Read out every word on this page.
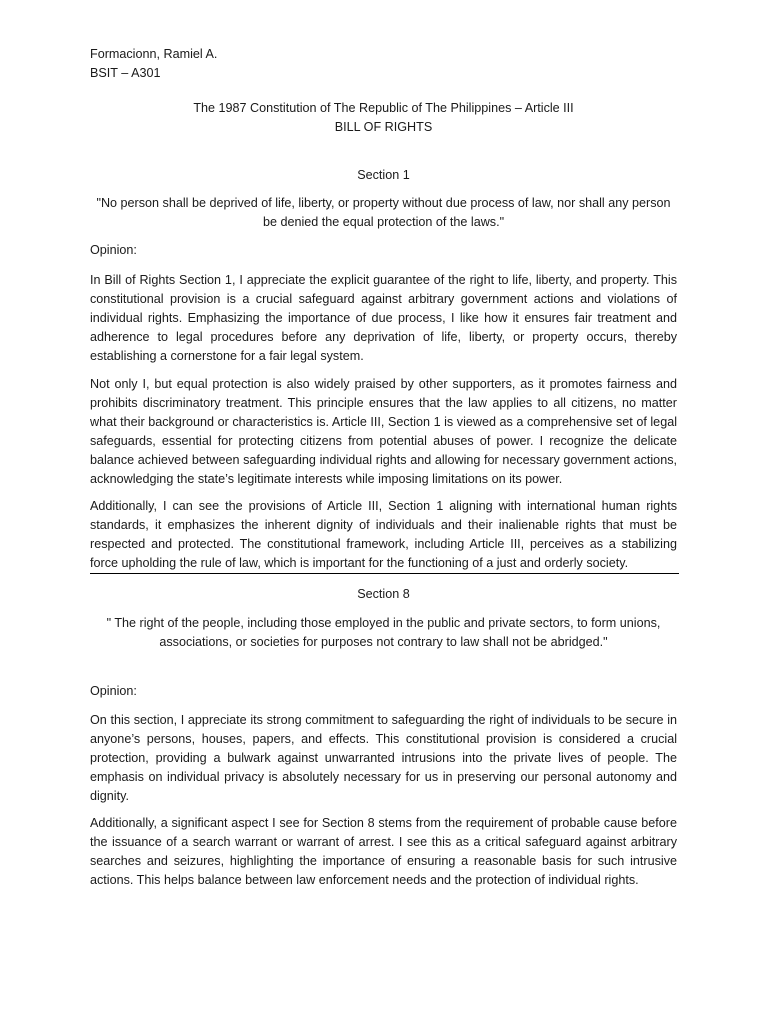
Formacionn, Ramiel A.
BSIT – A301
The 1987 Constitution of The Republic of The Philippines – Article III
BILL OF RIGHTS
Section 1

"No person shall be deprived of life, liberty, or property without due process of law, nor shall any person be denied the equal protection of the laws."

Opinion:

In Bill of Rights Section 1, I appreciate the explicit guarantee of the right to life, liberty, and property. This constitutional provision is a crucial safeguard against arbitrary government actions and violations of individual rights. Emphasizing the importance of due process, I like how it ensures fair treatment and adherence to legal procedures before any deprivation of life, liberty, or property occurs, thereby establishing a cornerstone for a fair legal system.

Not only I, but equal protection is also widely praised by other supporters, as it promotes fairness and prohibits discriminatory treatment. This principle ensures that the law applies to all citizens, no matter what their background or characteristics is. Article III, Section 1 is viewed as a comprehensive set of legal safeguards, essential for protecting citizens from potential abuses of power. I recognize the delicate balance achieved between safeguarding individual rights and allowing for necessary government actions, acknowledging the state’s legitimate interests while imposing limitations on its power.

Additionally, I can see the provisions of Article III, Section 1 aligning with international human rights standards, it emphasizes the inherent dignity of individuals and their inalienable rights that must be respected and protected. The constitutional framework, including Article III, perceives as a stabilizing force upholding the rule of law, which is important for the functioning of a just and orderly society.

Section 8

" The right of the people, including those employed in the public and private sectors, to form unions, associations, or societies for purposes not contrary to law shall not be abridged."

Opinion:

On this section, I appreciate its strong commitment to safeguarding the right of individuals to be secure in anyone’s persons, houses, papers, and effects. This constitutional provision is considered a crucial protection, providing a bulwark against unwarranted intrusions into the private lives of people. The emphasis on individual privacy is absolutely necessary for us in preserving our personal autonomy and dignity.

Additionally, a significant aspect I see for Section 8 stems from the requirement of probable cause before the issuance of a search warrant or warrant of arrest. I see this as a critical safeguard against arbitrary searches and seizures, highlighting the importance of ensuring a reasonable basis for such intrusive actions. This helps balance between law enforcement needs and the protection of individual rights.
